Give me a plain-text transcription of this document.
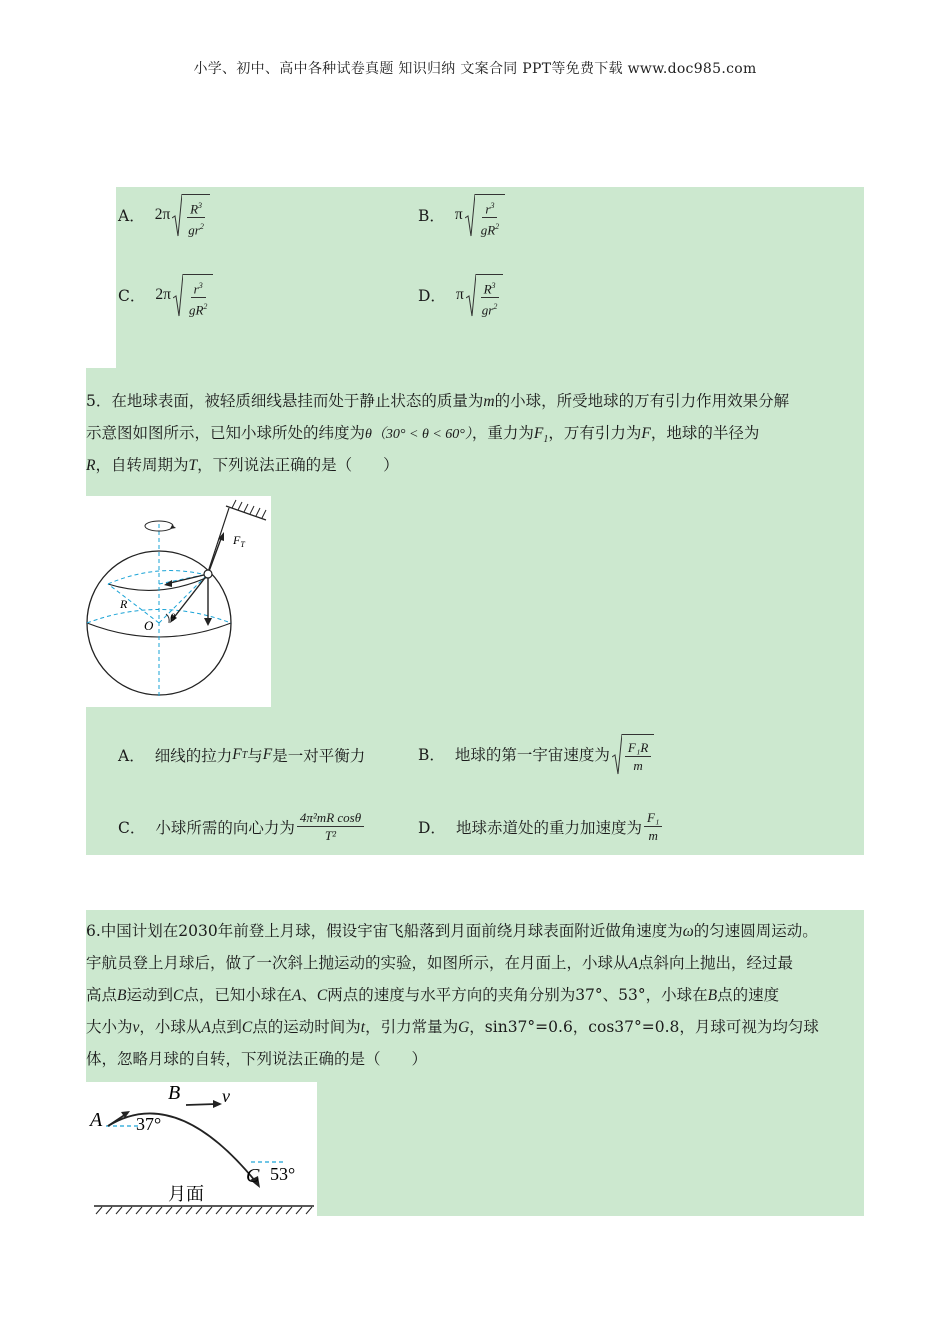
小学、初中、高中各种试卷真题 知识归纳 文案合同 PPT等免费下载 www.doc985.com
A． $2\pi \frac{R^3}{gr^2}$	B． π $\frac{r^3}{gR^2}$
C． $2\pi \frac{r^3}{gR^2}$	D． π $\frac{R^3}{gr^2}$
5．在地球表面，被轻质细线悬挂而处于静止状态的质量为m的小球，所受地球的万有引力作用效果分解
示意图如图所示，已知小球所处的纬度为θ（30° < θ < 60°），重力为$F_1$，万有引力为F，地球的半径为
R，自转周期为T，下列说法正确的是（　　）
$F_T$
R
O θ
A． 细线的拉力 F T 与 F 是一对平衡力	B． 地球的第一宇宙速度为 $\frac{\text{F₁R}}{m}$
C． 小球所需的向心力为 $\frac{\text{4π²mR cosθ}}{\text{T²}}$	D． 地球赤道处的重力加速度为 $\frac{\text{F₁}}{m}$
6.中国计划在2030年前登上月球，假设宇宙飞船落到月面前绕月球表面附近做角速度为ω的匀速圆周运动。
宇航员登上月球后，做了一次斜上抛运动的实验，如图所示，在月面上，小球从A点斜向上抛出，经过最
高点B运动到C点，已知小球在A、C两点的速度与水平方向的夹角分别为37°、53°，小球在B点的速度
大小为v，小球从A点到C点的运动时间为t，引力常量为G，sin37°=0.6，cos37°=0.8，月球可视为均匀球
体，忽略月球的自转，下列说法正确的是（　　）
A 37°
B v
C 53°
月面
